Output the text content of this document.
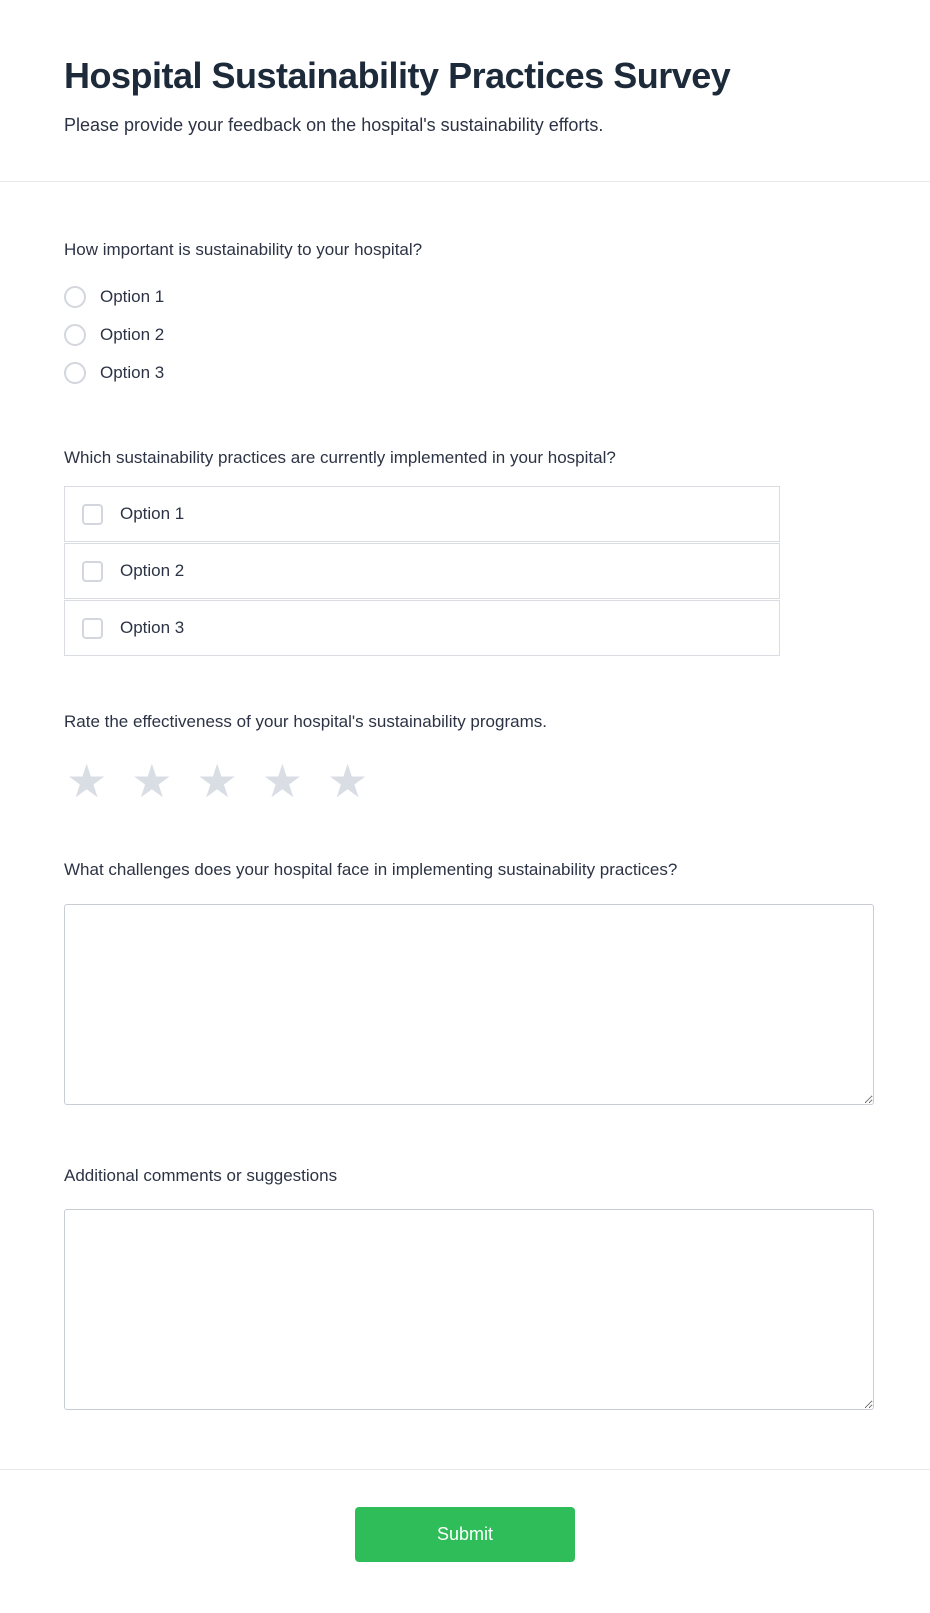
Hospital Sustainability Practices Survey

Please provide your feedback on the hospital's sustainability efforts.

How important is sustainability to your hospital?
Option 1
Option 2
Option 3
Which sustainability practices are currently implemented in your hospital?
Option 1
Option 2
Option 3
Rate the effectiveness of your hospital's sustainability programs.
★ ★ ★ ★ ★
What challenges does your hospital face in implementing sustainability practices?
Additional comments or suggestions
Submit
